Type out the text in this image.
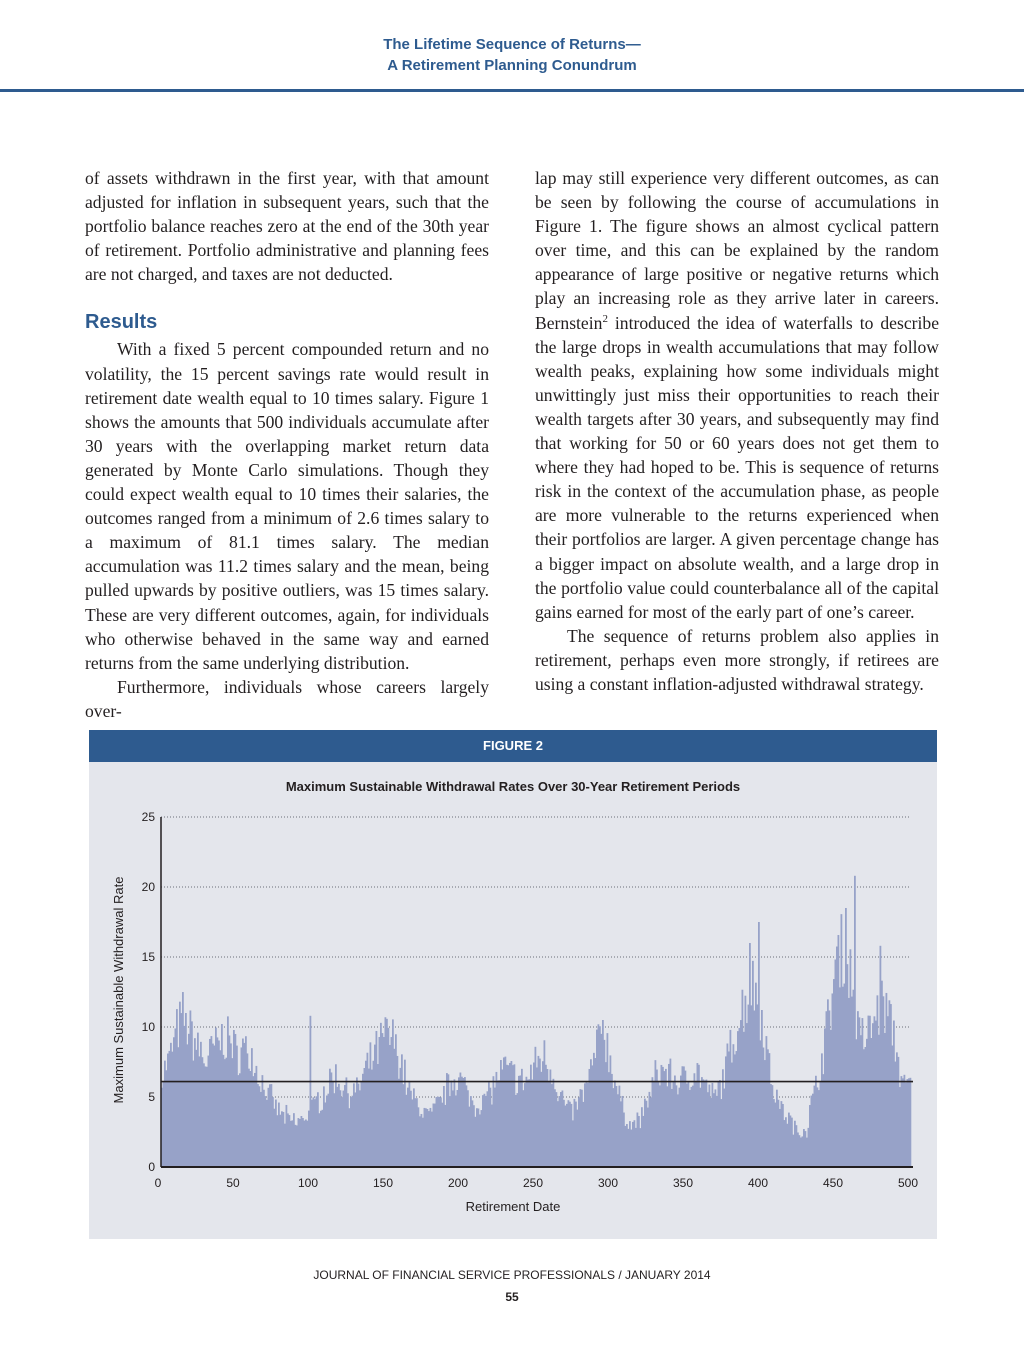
The Lifetime Sequence of Returns—
A Retirement Planning Conundrum

of assets withdrawn in the first year, with that amount adjusted for inflation in subsequent years, such that the portfolio balance reaches zero at the end of the 30th year of retirement. Portfolio administrative and planning fees are not charged, and taxes are not deducted.

Results

With a fixed 5 percent compounded return and no volatility, the 15 percent savings rate would result in retirement date wealth equal to 10 times salary. Figure 1 shows the amounts that 500 individuals accumulate after 30 years with the overlapping market return data generated by Monte Carlo simulations. Though they could expect wealth equal to 10 times their salaries, the outcomes ranged from a minimum of 2.6 times salary to a maximum of 81.1 times salary. The median accumulation was 11.2 times salary and the mean, being pulled upwards by positive outliers, was 15 times salary. These are very different outcomes, again, for individuals who otherwise behaved in the same way and earned returns from the same underlying distribution.

Furthermore, individuals whose careers largely over-

lap may still experience very different outcomes, as can be seen by following the course of accumulations in Figure 1. The figure shows an almost cyclical pattern over time, and this can be explained by the random appearance of large positive or negative returns which play an increasing role as they arrive later in careers. Bernstein$^2$ introduced the idea of waterfalls to describe the large drops in wealth accumulations that may follow wealth peaks, explaining how some individuals might unwittingly just miss their opportunities to reach their wealth targets after 30 years, and subsequently may find that working for 50 or 60 years does not get them to where they had hoped to be. This is sequence of returns risk in the context of the accumulation phase, as people are more vulnerable to the returns experienced when their portfolios are larger. A given percentage change has a bigger impact on absolute wealth, and a large drop in the portfolio value could counterbalance all of the capital gains earned for most of the early part of one’s career.

The sequence of returns problem also applies in retirement, perhaps even more strongly, if retirees are using a constant inflation-adjusted withdrawal strategy.

FIGURE 2
Maximum Sustainable Withdrawal Rates Over 30-Year Retirement Periods
0
5
10
15
20
25
0	50	100	150	200	250	300	350	400	450	500
Retirement Date
Maximum Sustainable Withdrawal Rate
JOURNAL OF FINANCIAL SERVICE PROFESSIONALS / JANUARY 2014
55
